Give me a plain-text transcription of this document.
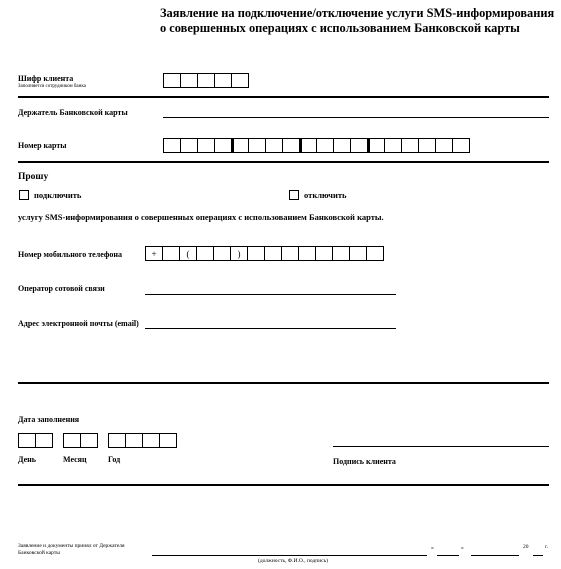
Заявление на подключение/отключение услуги SMS-информирования о совершенных операциях с использованием Банковской карты
Шифр клиента
Заполняется сотрудником банка
Держатель Банковской карты
Номер карты
Прошу
подключить	отключить
услугу SMS-информирования о совершенных операциях с использованием Банковской карты.
Номер мобильного телефона	+	(	)
Оператор сотовой связи
Адрес электронной почты (email)
Дата заполнения
День	Месяц	Год	Подпись клиента
Заявление и документы принял от Держателя Банковской карты
(должность, Ф.И.О., подпись)
«	»	20	г.
